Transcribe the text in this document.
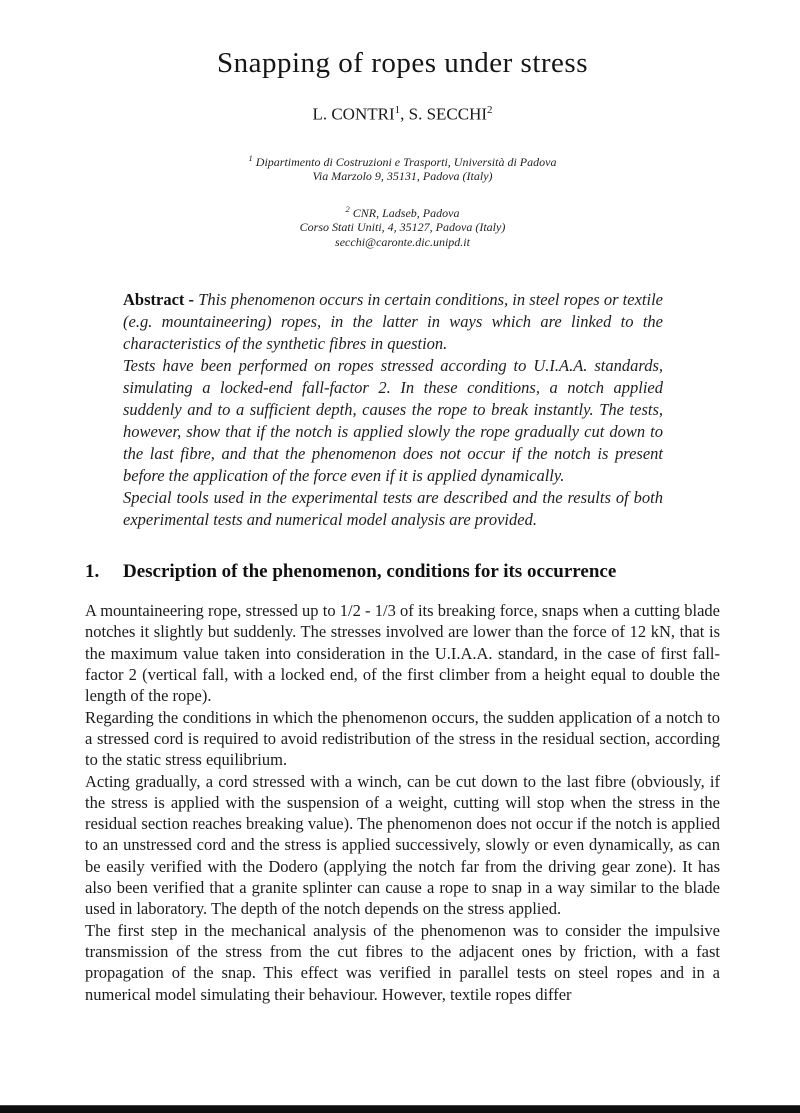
Snapping of ropes under stress
L. CONTRI$^1$, S. SECCHI$^2$
$^1$ Dipartimento di Costruzioni e Trasporti, Università di Padova
Via Marzolo 9, 35131, Padova (Italy)
$^2$ CNR, Ladseb, Padova
Corso Stati Uniti, 4, 35127, Padova (Italy)
secchi@caronte.dic.unipd.it

Abstract - This phenomenon occurs in certain conditions, in steel ropes or textile (e.g. mountaineering) ropes, in the latter in ways which are linked to the characteristics of the synthetic fibres in question.

Tests have been performed on ropes stressed according to U.I.A.A. standards, simulating a locked-end fall-factor 2. In these conditions, a notch applied suddenly and to a sufficient depth, causes the rope to break instantly. The tests, however, show that if the notch is applied slowly the rope gradually cut down to the last fibre, and that the phenomenon does not occur if the notch is present before the application of the force even if it is applied dynamically.

Special tools used in the experimental tests are described and the results of both experimental tests and numerical model analysis are provided.

1.	Description of the phenomenon, conditions for its occurrence

A mountaineering rope, stressed up to 1/2 - 1/3 of its breaking force, snaps when a cutting blade notches it slightly but suddenly. The stresses involved are lower than the force of 12 kN, that is the maximum value taken into consideration in the U.I.A.A. standard, in the case of first fall-factor 2 (vertical fall, with a locked end, of the first climber from a height equal to double the length of the rope).

Regarding the conditions in which the phenomenon occurs, the sudden application of a notch to a stressed cord is required to avoid redistribution of the stress in the residual section, according to the static stress equilibrium.

Acting gradually, a cord stressed with a winch, can be cut down to the last fibre (obviously, if the stress is applied with the suspension of a weight, cutting will stop when the stress in the residual section reaches breaking value). The phenomenon does not occur if the notch is applied to an unstressed cord and the stress is applied successively, slowly or even dynamically, as can be easily verified with the Dodero (applying the notch far from the driving gear zone). It has also been verified that a granite splinter can cause a rope to snap in a way similar to the blade used in laboratory. The depth of the notch depends on the stress applied.

The first step in the mechanical analysis of the phenomenon was to consider the impulsive transmission of the stress from the cut fibres to the adjacent ones by friction, with a fast propagation of the snap. This effect was verified in parallel tests on steel ropes and in a numerical model simulating their behaviour. However, textile ropes differ
